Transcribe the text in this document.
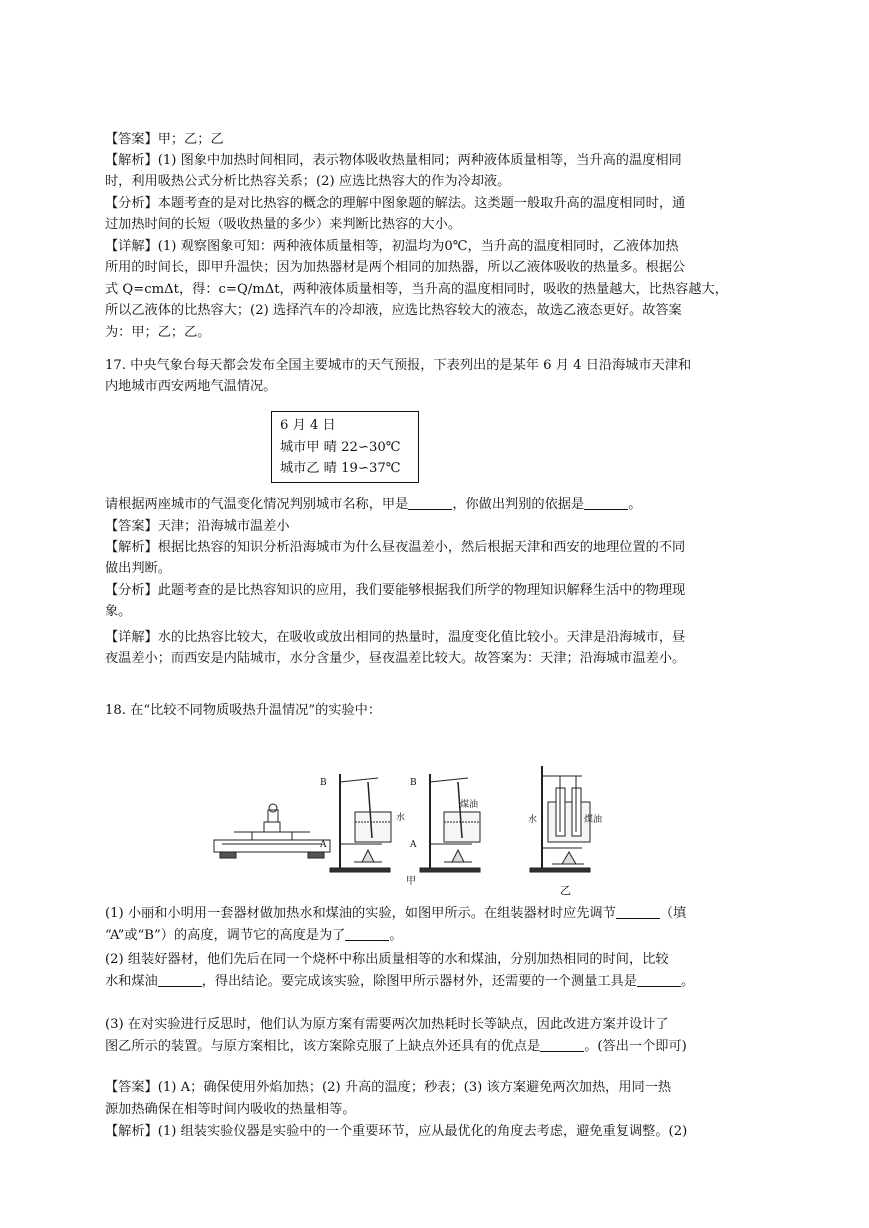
【答案】甲；乙；乙
【解析】(1) 图象中加热时间相同，表示物体吸收热量相同；两种液体质量相等，当升高的温度相同
时，利用吸热公式分析比热容关系；(2) 应选比热容大的作为冷却液。
【分析】本题考查的是对比热容的概念的理解中图象题的解法。这类题一般取升高的温度相同时，通
过加热时间的长短（吸收热量的多少）来判断比热容的大小。
【详解】(1) 观察图象可知：两种液体质量相等，初温均为0℃，当升高的温度相同时，乙液体加热
所用的时间长，即甲升温快；因为加热器材是两个相同的加热器，所以乙液体吸收的热量多。根据公
式 Q=cmΔt，得：c=Q/mΔt，两种液体质量相等，当升高的温度相同时，吸收的热量越大，比热容越大，
所以乙液体的比热容大；(2) 选择汽车的冷却液，应选比热容较大的液态，故选乙液态更好。故答案
为：甲；乙；乙。
17. 中央气象台每天都会发布全国主要城市的天气预报，下表列出的是某年 6 月 4 日沿海城市天津和
内地城市西安两地气温情况。
6 月 4 日
城市甲 晴 22∽30℃
城市乙 晴 19∽37℃
请根据两座城市的气温变化情况判别城市名称，甲是	，你做出判别的依据是	。
【答案】天津；沿海城市温差小
【解析】根据比热容的知识分析沿海城市为什么昼夜温差小，然后根据天津和西安的地理位置的不同
做出判断。
【分析】此题考查的是比热容知识的应用，我们要能够根据我们所学的物理知识解释生活中的物理现
象。
【详解】水的比热容比较大，在吸收或放出相同的热量时，温度变化值比较小。天津是沿海城市，昼
夜温差小；而西安是内陆城市，水分含量少，昼夜温差比较大。故答案为：天津；沿海城市温差小。
18. 在“比较不同物质吸热升温情况”的实验中：
B
A
水
B
A
煤油
甲
水	煤油
乙
(1) 小丽和小明用一套器材做加热水和煤油的实验，如图甲所示。在组装器材时应先调节	（填
“A”或“B”）的高度，调节它的高度是为了	。
(2) 组装好器材，他们先后在同一个烧杯中称出质量相等的水和煤油，分别加热相同的时间，比较
水和煤油	，得出结论。要完成该实验，除图甲所示器材外，还需要的一个测量工具是	。
(3) 在对实验进行反思时，他们认为原方案有需要两次加热耗时长等缺点，因此改进方案并设计了
图乙所示的装置。与原方案相比，该方案除克服了上缺点外还具有的优点是	。(答出一个即可)
【答案】(1) A；确保使用外焰加热；(2) 升高的温度；秒表；(3) 该方案避免两次加热，用同一热
源加热确保在相等时间内吸收的热量相等。
【解析】(1) 组装实验仪器是实验中的一个重要环节，应从最优化的角度去考虑，避免重复调整。(2)
